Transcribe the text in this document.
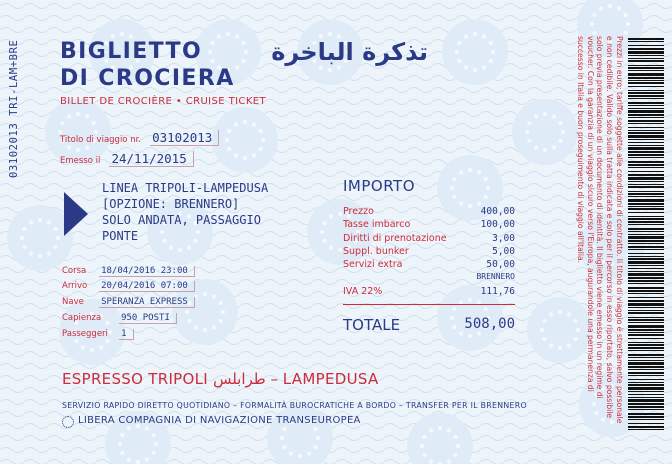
03102013 TRI-LAM+BRE BIGLIETTO
DI CROCIERA
تذكرة الباخرة
BILLET DE CROCIÈRE • CRUISE TICKET
Titolo di viaggio nr. 03102013
Emesso il 24/11/2015
LINEA TRIPOLI-LAMPEDUSA
[OPZIONE: BRENNERO]
SOLO ANDATA, PASSAGGIO
PONTE
Corsa 18/04/2016 23:00
Arrivo 20/04/2016 07:00
Nave SPERANZA EXPRESS
Capienza 950 POSTI
Passeggeri 1
IMPORTO
Prezzo	400,00
Tasse imbarco	100,00
Diritti di prenotazione	3,00
Suppl. bunker	5,00
Servizi extra	50,00
BRENNERO
IVA 22%	111,76
TOTALE	508,00
ESPRESSO TRIPOLI طرابلس – LAMPEDUSA
SERVIZIO RAPIDO DIRETTO QUOTIDIANO – FORMALITÀ BUROCRATICHE A BORDO – TRANSFER PER IL BRENNERO
LIBERA COMPAGNIA DI NAVIGAZIONE TRANSEUROPEA	Prezzi in euro; tariffe soggette alle condizioni di contratto. Il titolo di viaggio è strettamente personale e non cedibile. Valido solo sulla tratta indicata e solo per il percorso in esso riportato, salvo possibile solo previa presentazione di un documento di identità. Il biglietto viene emesso in un regime di voucher. Con la garanzia di un viaggio sicuro verso l'Europa, augurandole una permanenza di successo in Italia e buon proseguimento di viaggio all'Italia.
